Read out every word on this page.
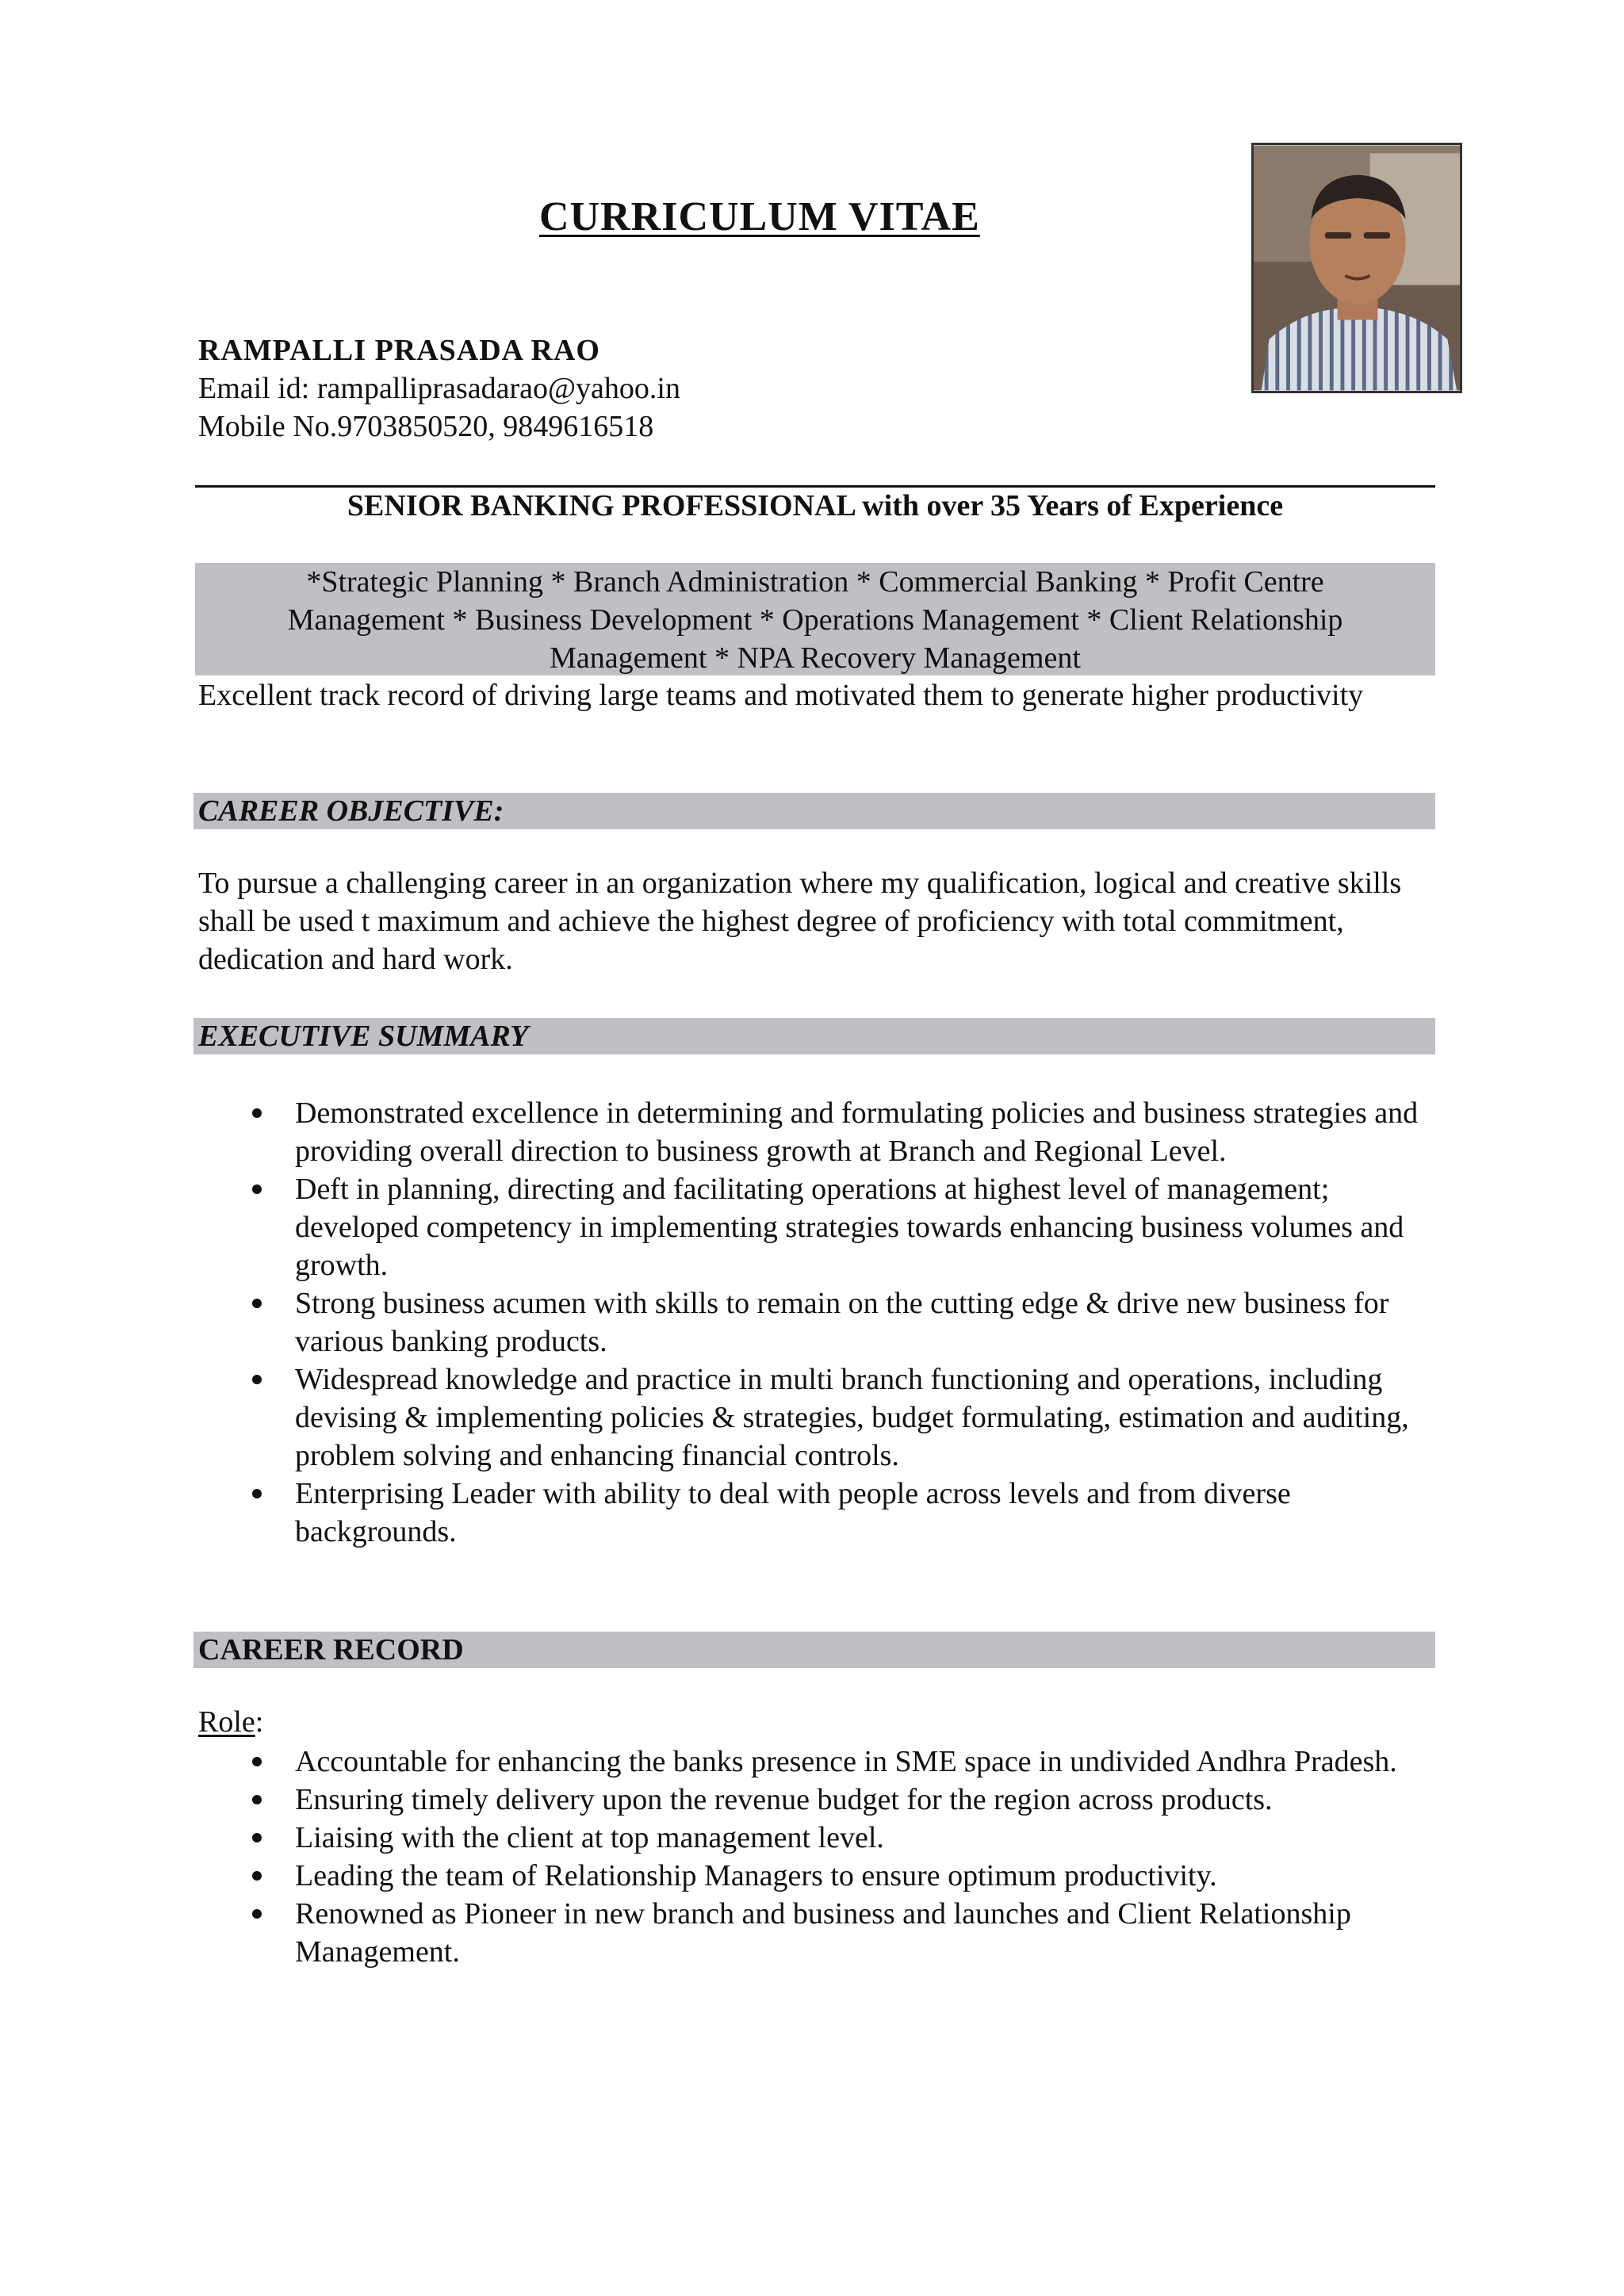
CURRICULUM VITAE
RAMPALLI PRASADA RAO
Email id: rampalliprasadarao@yahoo.in
Mobile No.9703850520, 9849616518
SENIOR BANKING PROFESSIONAL with over 35 Years of Experience
*Strategic Planning * Branch Administration * Commercial Banking * Profit Centre Management * Business Development * Operations Management * Client Relationship Management * NPA Recovery Management
Excellent track record of driving large teams and motivated them to generate higher productivity
CAREER OBJECTIVE:
To pursue a challenging career in an organization where my qualification, logical and creative skills shall be used t maximum and achieve the highest degree of proficiency with total commitment, dedication and hard work.
EXECUTIVE SUMMARY
Demonstrated excellence in determining and formulating policies and business strategies and providing overall direction to business growth at Branch and Regional Level.
Deft in planning, directing and facilitating operations at highest level of management; developed competency in implementing strategies towards enhancing business volumes and growth.
Strong business acumen with skills to remain on the cutting edge & drive new business for various banking products.
Widespread knowledge and practice in multi branch functioning and operations, including devising & implementing policies & strategies, budget formulating, estimation and auditing, problem solving and enhancing financial controls.
Enterprising Leader with ability to deal with people across levels and from diverse backgrounds.
CAREER RECORD
Role:
Accountable for enhancing the banks presence in SME space in undivided Andhra Pradesh.
Ensuring timely delivery upon the revenue budget for the region across products.
Liaising with the client at top management level.
Leading the team of Relationship Managers to ensure optimum productivity.
Renowned as Pioneer in new branch and business and launches and Client Relationship Management.
